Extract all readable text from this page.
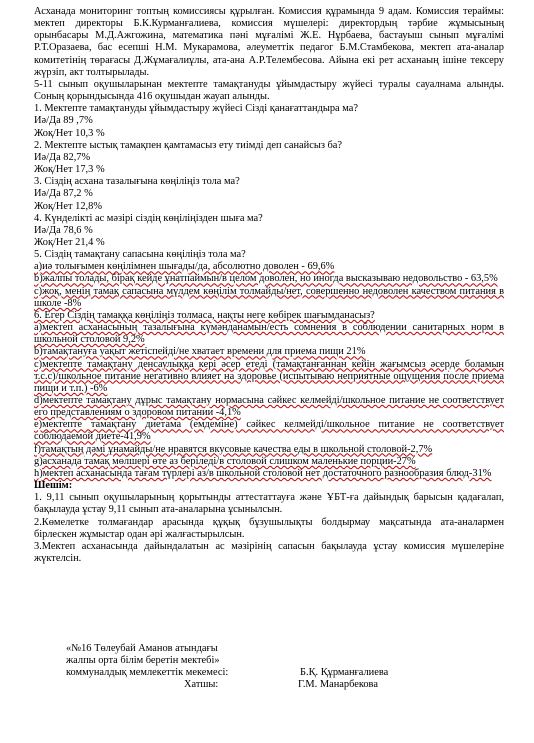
Асханада мониторинг топтың комиссиясы құрылған. Комиссия құрамында 9 адам. Комиссия тераймы: мектеп директоры Б.К.Курманғалиева, комиссия мүшелері: директордың тәрбие жұмысының орынбасары М.Д.Ажгожина, математика пәні мұғалімі Ж.Е. Нұрбаева, бастауыш сынып мұғалімі Р.Т.Оразаева, бас есепші Н.М. Мукарамова, әлеуметтік педагог Б.М.Стамбекова, мектеп ата-аналар комитетінің төрағасы Д.Жұмағалиұлы, ата-ана А.Р.Телембесова. Айына екі рет асханаың ішіне тексеру жүрзіп, акт толтырылады.

5-11 сынып оқушыларынан мектепте тамақтануды ұйымдастыру жүйесі туралы сауалнама алынды. Соның қорындысында 416 оқушыдан жауап алынды.

1. Мектепте тамақтануды ұйымдастыру жүйесі Сізді қанағаттандыра ма?

Иә/Да 89 ,7%

Жоқ/Нет 10,3 %

2. Мектепте ыстық тамақпен қамтамасыз ету тиімді деп санайсыз ба?

Иә/Да 82,7%

Жоқ/Нет 17,3 %

3. Сіздің асхана тазалығына көңіліңіз тола ма?

Иә/Да 87,2 %

Жоқ/Нет 12,8%

4. Күнделікті ас мәзірі сіздің көңіліңізден шыға ма?

Иә/Да 78,6 %

Жоқ/Нет 21,4 %

5. Сіздің тамақтану сапасына көңіліңіз тола ма?

а)иә толығымен көңілімнен шығады/да, абсолютно доволен - 69,6%

b)жалпы толады, бірақ кейде ұнатпаймын/в целом доволен, но иногда высказываю недовольство - 63,5%

c)жоқ, менің тамақ сапасына мүлдем көңілім толмайды/нет, совершенно недоволен качеством питания в школе -8%

6. Егер Сіздің тамаққа көңіліңіз толмаса, нақты неге көбірек шағымданасыз?

а)мектеп асханасының тазалығына күмәнданамын/есть сомнения в соблюдении санитарных норм в школьной столовой 9,2%

b)тамақтануға уақыт жетіспейді/не хватает времени для приема пищи 21%

c)мектепте тамақтану денсаулыққа кері әсер етеді (тамақтанғаннан кейін жағымсыз әсерде боламын т.с.с)/школьное питание негативно влияет на здоровье (испытываю неприятные ощущения после приема пищи и т.п.) -6%

d)мектепте тамақтану дұрыс тамақтану нормасына сәйкес келмейді/школьное питание не соответствует его представлениям о здоровом питании -4,1%

e)мектепте тамақтану диетама (емдеміне) сәйкес келмейді/школьное питание не соответствует соблюдаемой диете-41,9%

f)тамақтың дәмі ұнамайды/не нравятся вкусовые качества еды в школьной столовой-2,7%

g)асханада тамақ мөлшері өте аз беріледі/в столовой слишком маленькие порции-27%

h)мектеп асханасында тағам түрлері аз/в школьной столовой нет достаточного разнообразия блюд-31%

Шешім:

1. 9,11 сынып оқушыларының қорытынды аттестаттауға және ҰБТ-ға дайындық барысын қадағалап, бақылауда ұстау 9,11 сынып ата-аналарына ұсынылсын.

2.Көмелетке толмағандар арасында құқық бұзушылықты болдырмау мақсатында ата-аналармен бірлескен жұмыстар одан әрі жалғастырылсын.

3.Мектеп асханасында дайындалатын ас мәзірінің сапасын бақылауда ұстау комиссия мүшелеріне жүктелсін.

«№16 Төлеубай Аманов атындағы
жалпы орта білім беретін мектебі»
коммуналдық мемлекеттік мекемесі:	Б.Қ. Құрманғалиева
Хатшы:	Г.М. Манарбекова
